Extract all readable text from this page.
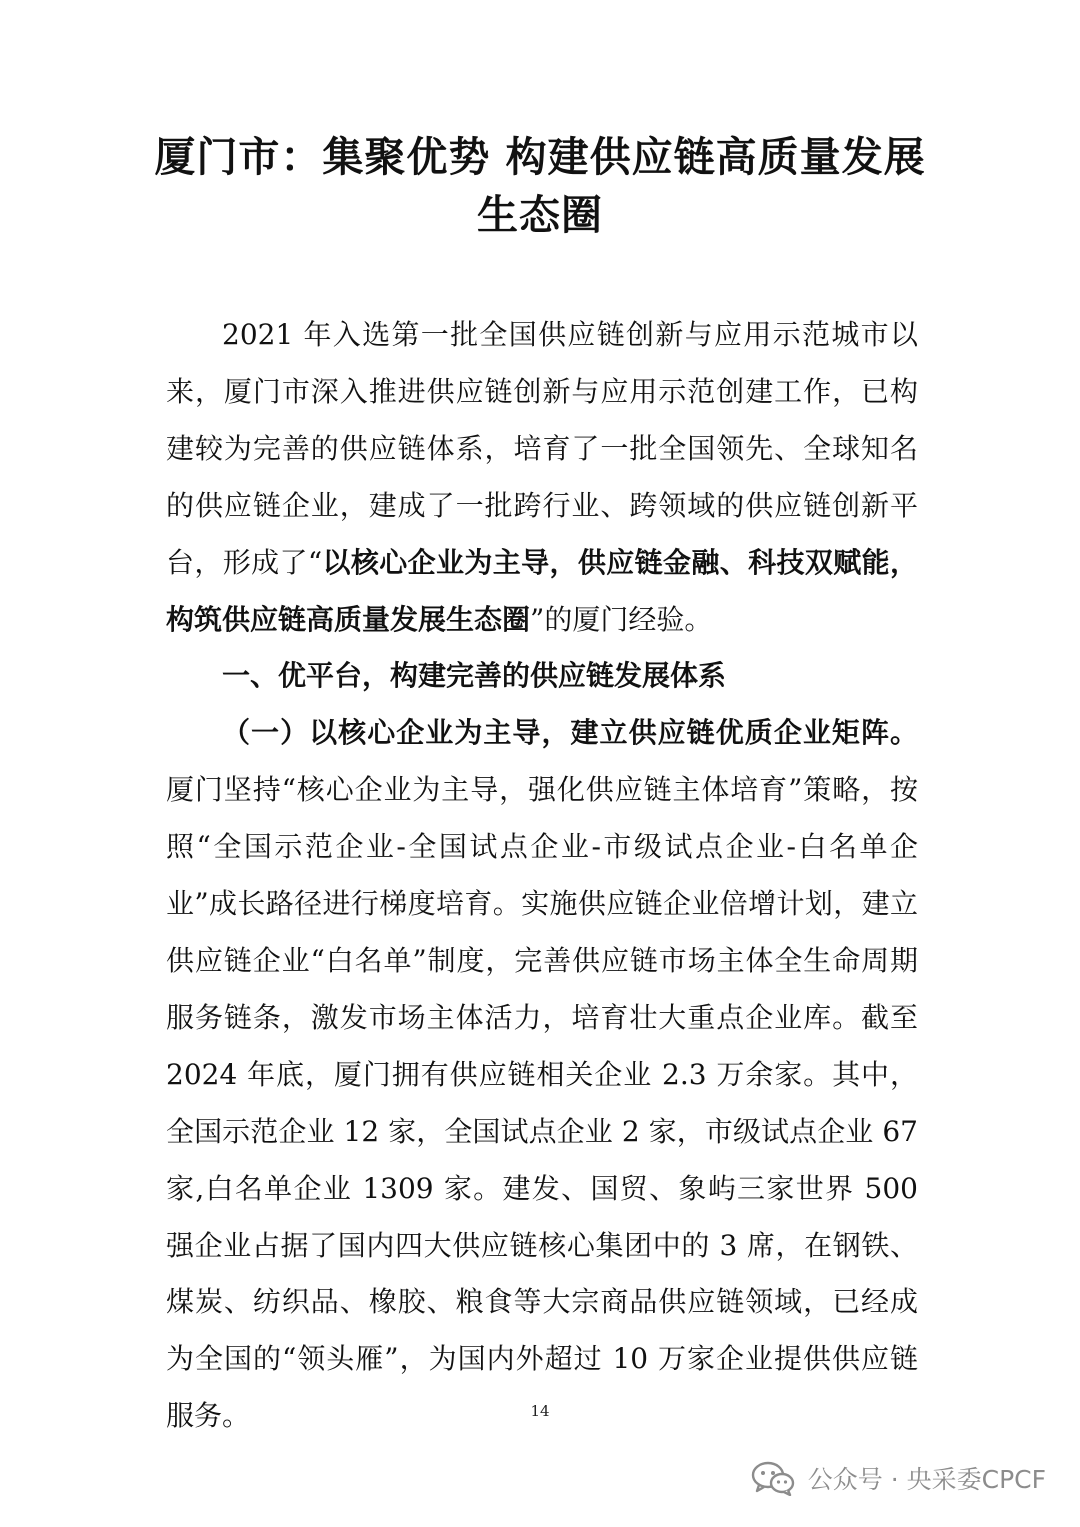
厦门市：集聚优势 构建供应链高质量发展
生态圈

2021 年入选第一批全国供应链创新与应用示范城市以来，厦门市深入推进供应链创新与应用示范创建工作，已构建较为完善的供应链体系，培育了一批全国领先、全球知名的供应链企业，建成了一批跨行业、跨领域的供应链创新平台，形成了“以核心企业为主导，供应链金融、科技双赋能，构筑供应链高质量发展生态圈”的厦门经验。

一、优平台，构建完善的供应链发展体系

（一）以核心企业为主导，建立供应链优质企业矩阵。厦门坚持“核心企业为主导，强化供应链主体培育”策略，按照“全国示范企业-全国试点企业-市级试点企业-白名单企业”成长路径进行梯度培育。实施供应链企业倍增计划，建立供应链企业“白名单”制度，完善供应链市场主体全生命周期服务链条，激发市场主体活力，培育壮大重点企业库。截至 2024 年底，厦门拥有供应链相关企业 2.3 万余家。其中，全国示范企业 12 家，全国试点企业 2 家，市级试点企业 67 家,白名单企业 1309 家。建发、国贸、象屿三家世界 500 强企业占据了国内四大供应链核心集团中的 3 席，在钢铁、煤炭、纺织品、橡胶、粮食等大宗商品供应链领域，已经成为全国的“领头雁”，为国内外超过 10 万家企业提供供应链服务。	14
公众号 · 央采委CPCF
